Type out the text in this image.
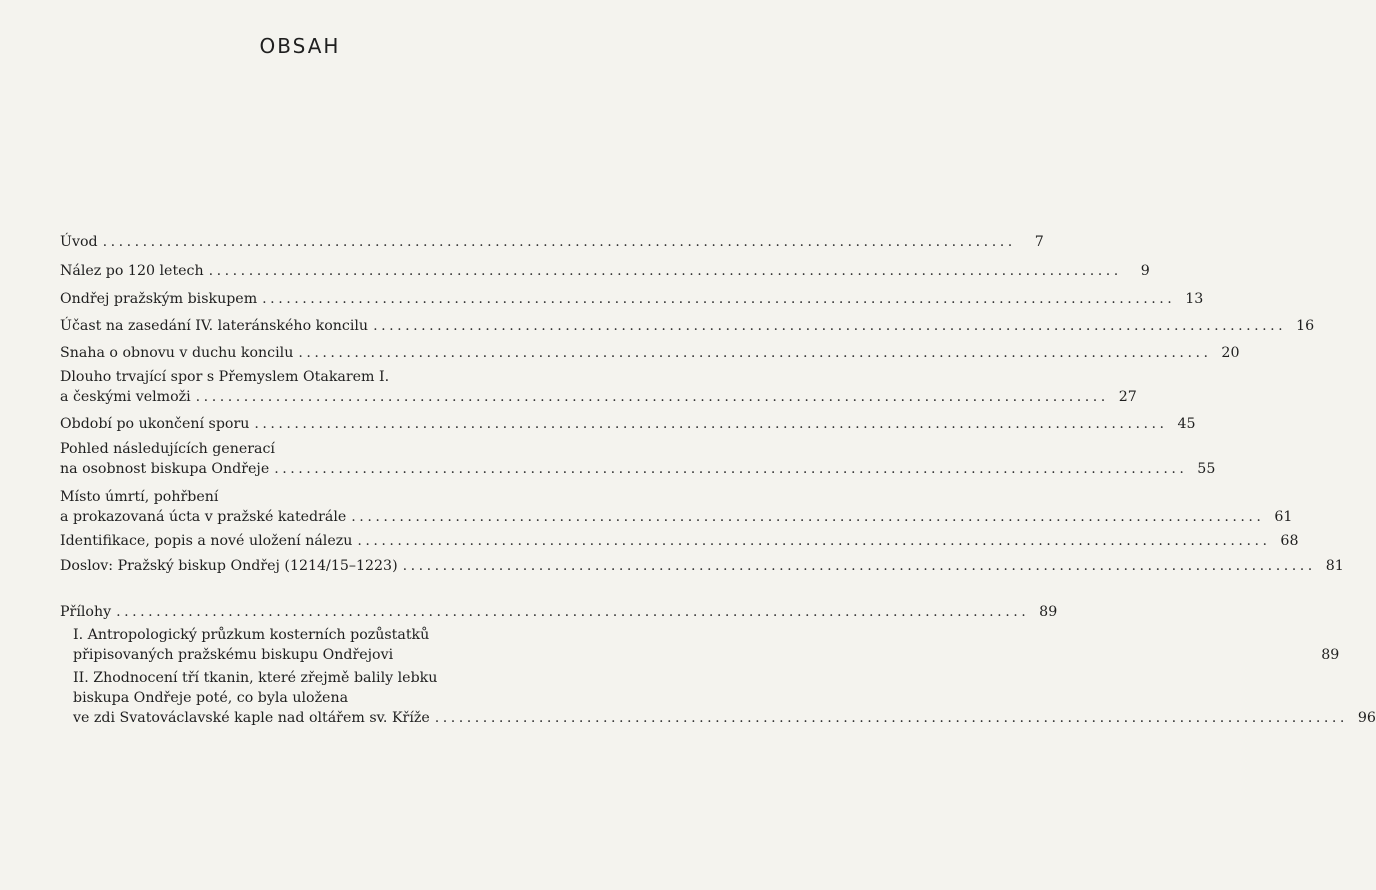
OBSAH
Úvod ..................................................................................................................	7
Nález po 120 letech ..................................................................................................................	9
Ondřej pražským biskupem .................................................................................................................. 13
Účast na zasedání IV. lateránského koncilu .................................................................................................................. 16
Snaha o obnovu v duchu koncilu .................................................................................................................. 20
Dlouho trvající spor s Přemyslem Otakarem I.
a českými velmoži .................................................................................................................. 27
Období po ukončení sporu .................................................................................................................. 45
Pohled následujících generací
na osobnost biskupa Ondřeje .................................................................................................................. 55
Místo úmrtí, pohřbení
a prokazovaná úcta v pražské katedrále .................................................................................................................. 61
Identifikace, popis a nové uložení nálezu .................................................................................................................. 68
Doslov: Pražský biskup Ondřej (1214/15–1223) .................................................................................................................. 81
Přílohy .................................................................................................................. 89
I. Antropologický průzkum kosterních pozůstatků
připisovaných pražskému biskupu Ondřejovi	89
II. Zhodnocení tří tkanin, které zřejmě balily lebku
biskupa Ondřeje poté, co byla uložena
ve zdi Svatováclavské kaple nad oltářem sv. Kříže .................................................................................................................. 96
